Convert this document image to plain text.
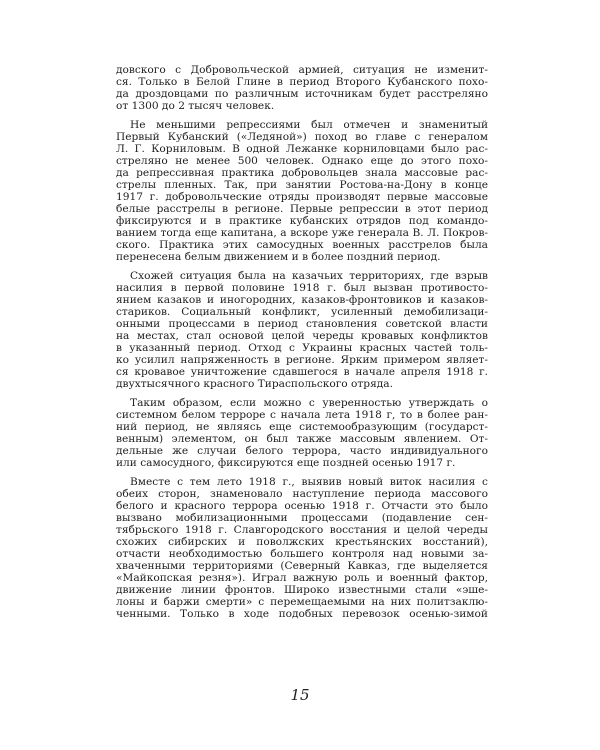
довского с Добровольческой армией, ситуация не изменит-
ся. Только в Белой Глине в период Второго Кубанского похо-
да дроздовцами по различным источникам будет расстреляно
от 1300 до 2 тысяч человек.

Не меньшими репрессиями был отмечен и знаменитый
Первый Кубанский («Ледяной») поход во главе с генералом
Л. Г. Корниловым. В одной Лежанке корниловцами было рас-
стреляно не менее 500 человек. Однако еще до этого похо-
да репрессивная практика добровольцев знала массовые рас-
стрелы пленных. Так, при занятии Ростова-на-Дону в конце
1917 г. добровольческие отряды производят первые массовые
белые расстрелы в регионе. Первые репрессии в этот период
фиксируются и в практике кубанских отрядов под командо-
ванием тогда еще капитана, а вскоре уже генерала В. Л. Покров-
ского. Практика этих самосудных военных расстрелов была
перенесена белым движением и в более поздний период.

Схожей ситуация была на казачьих территориях, где взрыв
насилия в первой половине 1918 г. был вызван противосто-
янием казаков и иногородних, казаков-фронтовиков и казаков-
стариков. Социальный конфликт, усиленный демобилизаци-
онными процессами в период становления советской власти
на местах, стал основой целой череды кровавых конфликтов
в указанный период. Отход с Украины красных частей толь-
ко усилил напряженность в регионе. Ярким примером являет-
ся кровавое уничтожение сдавшегося в начале апреля 1918 г.
двухтысячного красного Тираспольского отряда.

Таким образом, если можно с уверенностью утверждать о
системном белом терроре с начала лета 1918 г, то в более ран-
ний период, не являясь еще системообразующим (государст-
венным) элементом, он был также массовым явлением. От-
дельные же случаи белого террора, часто индивидуального
или самосудного, фиксируются еще поздней осенью 1917 г.

Вместе с тем лето 1918 г., выявив новый виток насилия с
обеих сторон, знаменовало наступление периода массового
белого и красного террора осенью 1918 г. Отчасти это было
вызвано мобилизационными процессами (подавление сен-
тябрьского 1918 г. Славгородского восстания и целой череды
схожих сибирских и поволжских крестьянских восстаний),
отчасти необходимостью большего контроля над новыми за-
хваченными территориями (Северный Кавказ, где выделяется
«Майкопская резня»). Играл важную роль и военный фактор,
движение линии фронтов. Широко известными стали «эше-
лоны и баржи смерти» с перемещаемыми на них политзаклю-
ченными. Только в ходе подобных перевозок осенью-зимой

15
